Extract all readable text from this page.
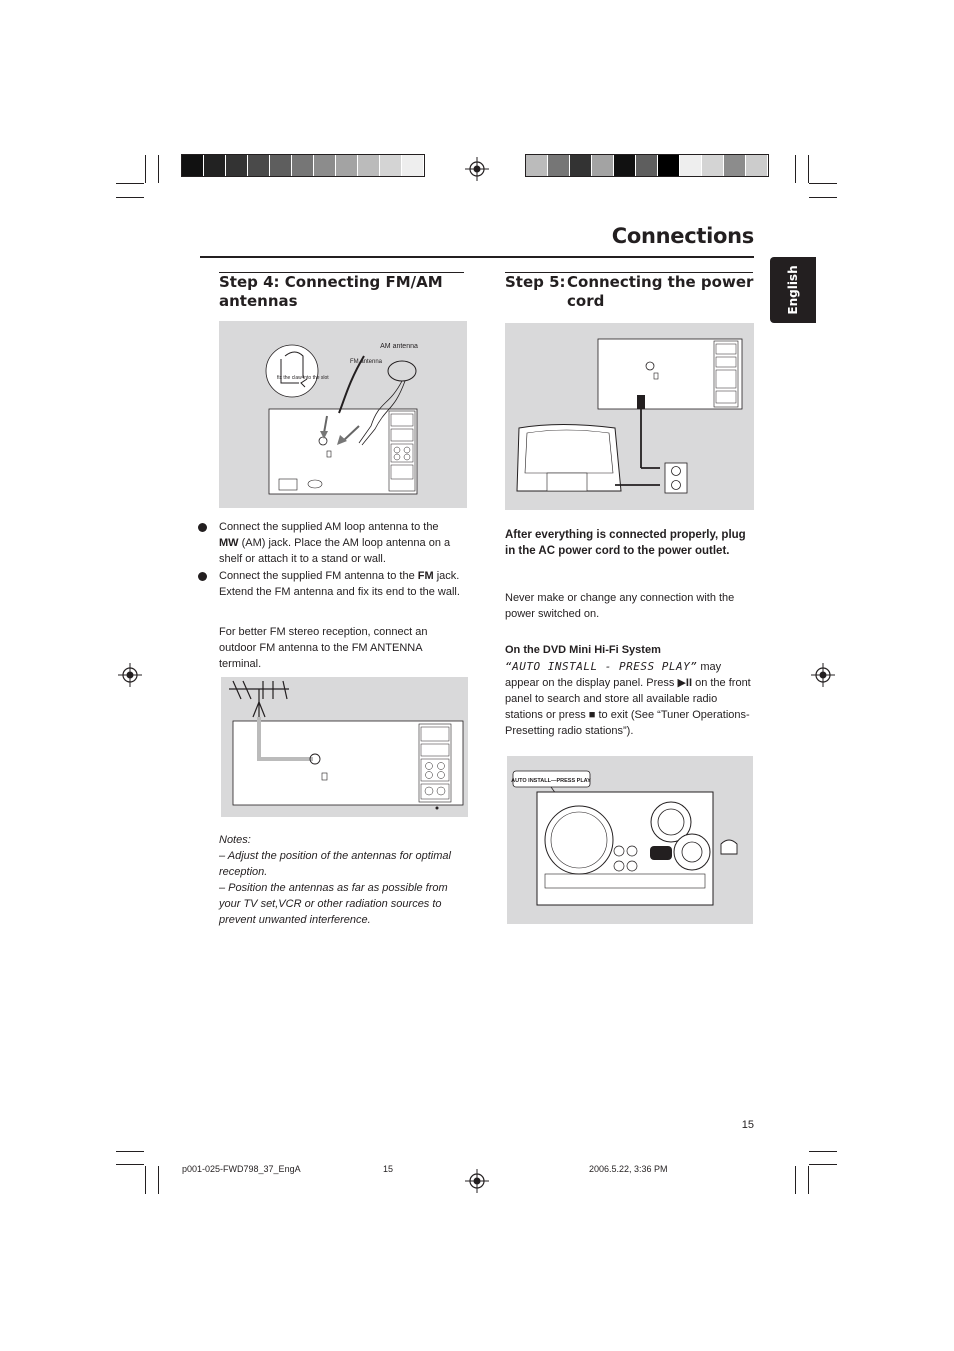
Connections
English
Step 4: Connecting FM/AM
antennas
AM antenna
FM antenna
fix the claw into the slot
Connect the supplied AM loop antenna to the MW (AM) jack. Place the AM loop antenna on a shelf or attach it to a stand or wall.
Connect the supplied FM antenna to the FM jack. Extend the FM antenna and fix its end to the wall.
For better FM stereo reception, connect an outdoor FM antenna to the FM ANTENNA terminal.
Notes:
– Adjust the position of the antennas for optimal reception.
– Position the antennas as far as possible from your TV set,VCR or other radiation sources to prevent unwanted interference.
Step 5:Connecting the power
cord
After everything is connected properly, plug in the AC power cord to the power outlet.
Never make or change any connection with the power switched on.
On the DVD Mini Hi-Fi System
“AUTO INSTALL - PRESS PLAY” may appear on the display panel. Press ▶II on the front panel to search and store all available radio stations or press ■ to exit (See “Tuner Operations-Presetting radio stations”).
AUTO INSTALL—PRESS PLAY
15
p001-025-FWD798_37_EngA	15	2006.5.22, 3:36 PM
